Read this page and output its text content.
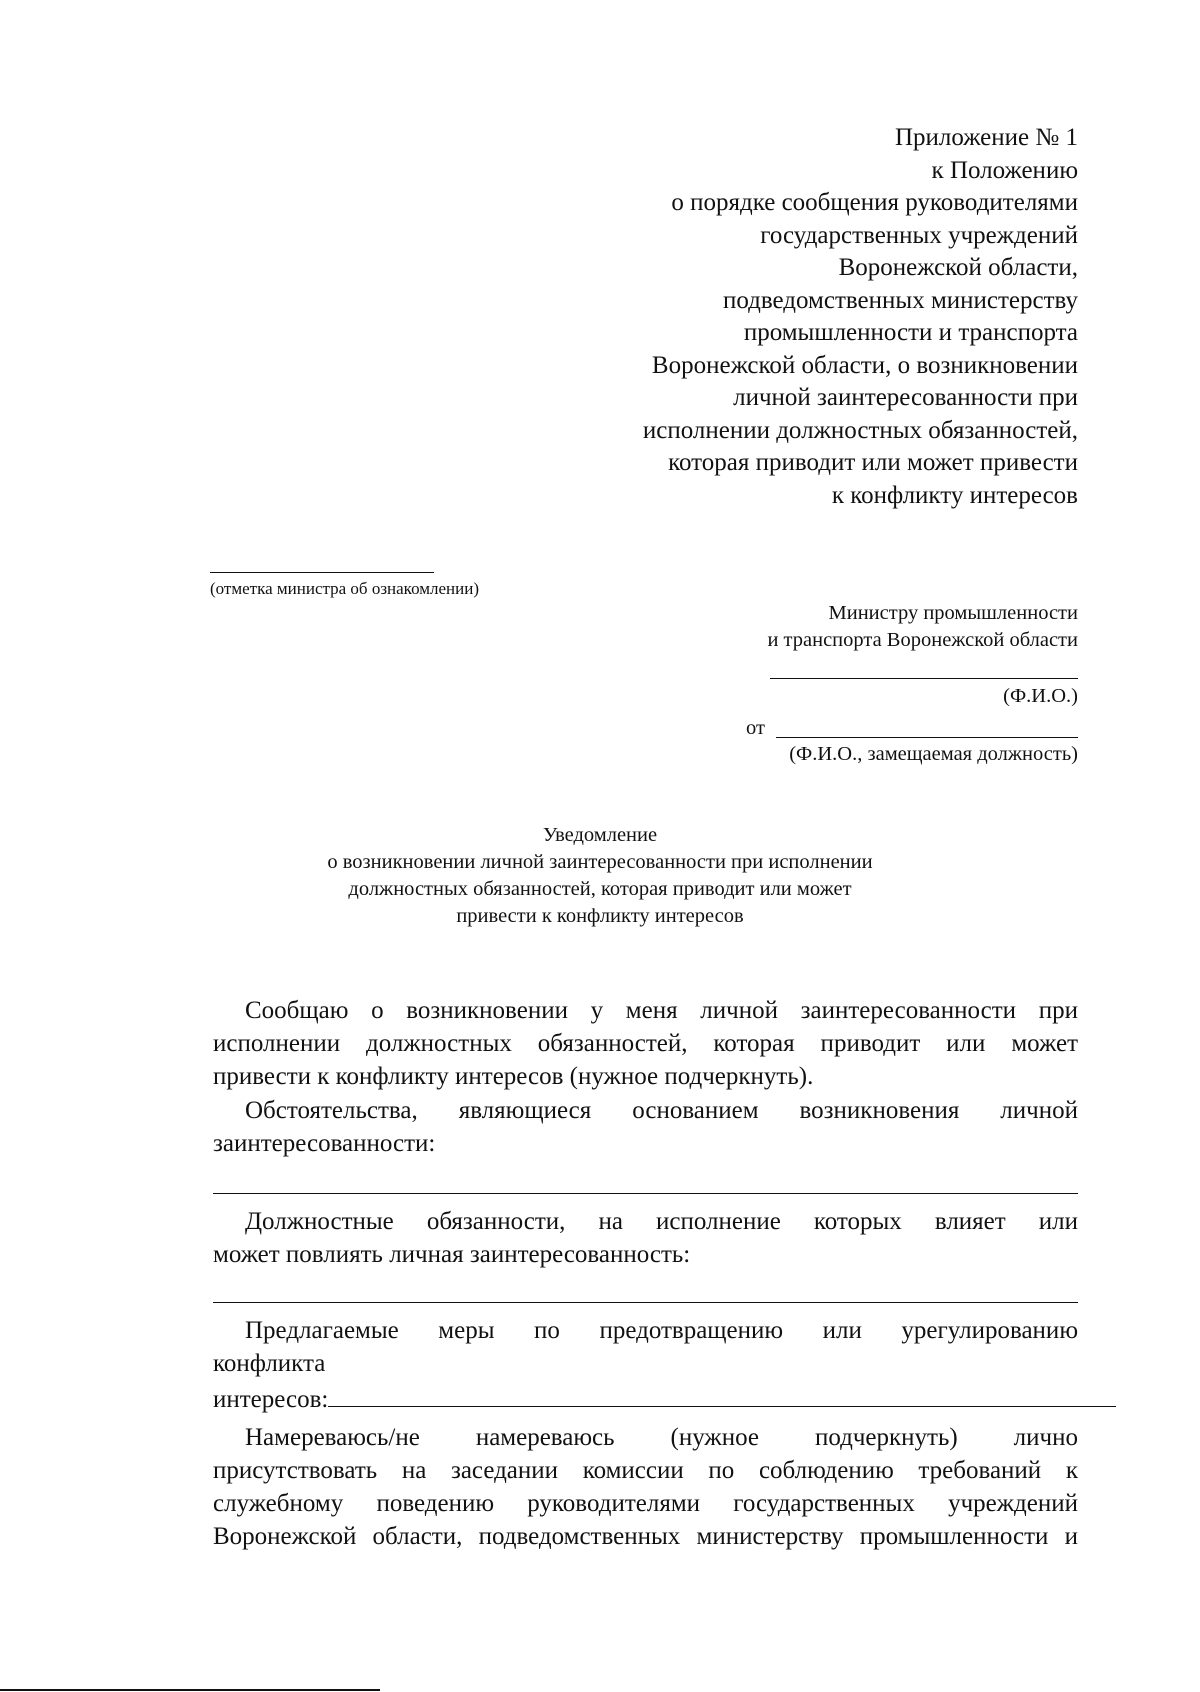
Приложение № 1
к Положению
о порядке сообщения руководителями
государственных учреждений
Воронежской области,
подведомственных министерству
промышленности и транспорта
Воронежской области, о возникновении
личной заинтересованности при
исполнении должностных обязанностей,
которая приводит или может привести
к конфликту интересов
(отметка министра об ознакомлении)
Министру промышленности
и транспорта Воронежской области
(Ф.И.О.)
от
(Ф.И.О., замещаемая должность)
Уведомление
о возникновении личной заинтересованности при исполнении
должностных обязанностей, которая приводит или может
привести к конфликту интересов
Сообщаю о возникновении у меня личной заинтересованности при
исполнении должностных обязанностей, которая приводит или может
привести к конфликту интересов (нужное подчеркнуть).
Обстоятельства, являющиеся основанием возникновения личной
заинтересованности:
Должностные обязанности, на исполнение которых влияет или
может повлиять личная заинтересованность:
Предлагаемые меры по предотвращению или урегулированию
конфликта
интересов:
Намереваюсь/не намереваюсь (нужное подчеркнуть) лично
присутствовать на заседании комиссии по соблюдению требований к
служебному поведению руководителями государственных учреждений
Воронежской области, подведомственных министерству промышленности и
